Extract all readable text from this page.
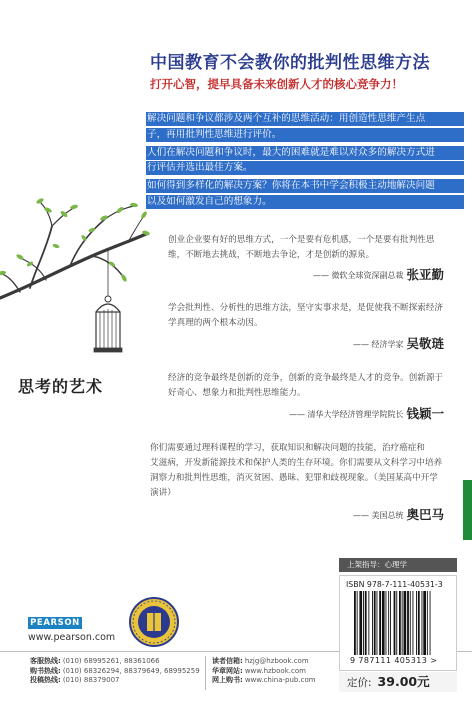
中国教育不会教你的批判性思维方法
打开心智，提早具备未来创新人才的核心竞争力！
解决问题和争议都涉及两个互补的思维活动：用创造性思维产生点
子，再用批判性思维进行评价。
人们在解决问题和争议时，最大的困难就是难以对众多的解决方式进
行评估并选出最佳方案。
如何得到多样化的解决方案？你将在本书中学会积极主动地解决问题
以及如何激发自己的想象力。
创业企业要有好的思维方式，一个是要有危机感，一个是要有批判性思
维，不断地去挑战，不断地去争论，才是创新的源泉。
—— 微软全球资深副总裁 张亚勤
学会批判性、分析性的思维方法，坚守实事求是，是促使我不断探索经济
学真理的两个根本动因。
—— 经济学家 吴敬琏
经济的竞争最终是创新的竞争，创新的竞争最终是人才的竞争。创新源于
好奇心、想象力和批判性思维能力。
—— 清华大学经济管理学院院长 钱颖一
你们需要通过理科课程的学习，获取知识和解决问题的技能，治疗癌症和
艾滋病，开发新能源技术和保护人类的生存环境。你们需要从文科学习中培养
洞察力和批判性思维，消灭贫困、愚昧、犯罪和歧视现象。（美国某高中开学
演讲）
—— 美国总统 奥巴马
思考的艺术
PEARSON
www.pearson.com
客服热线: (010) 68995261, 88361066
购书热线: (010) 68326294, 88379649, 68995259
投稿热线: (010) 88379007
读者信箱: hzjg@hzbook.com
华章网站: www.hzbook.com
网上购书: www.china-pub.com
上架指导：心理学
ISBN 978-7-111-40531-3
9 787111 405313 >
定价: 39.00元
